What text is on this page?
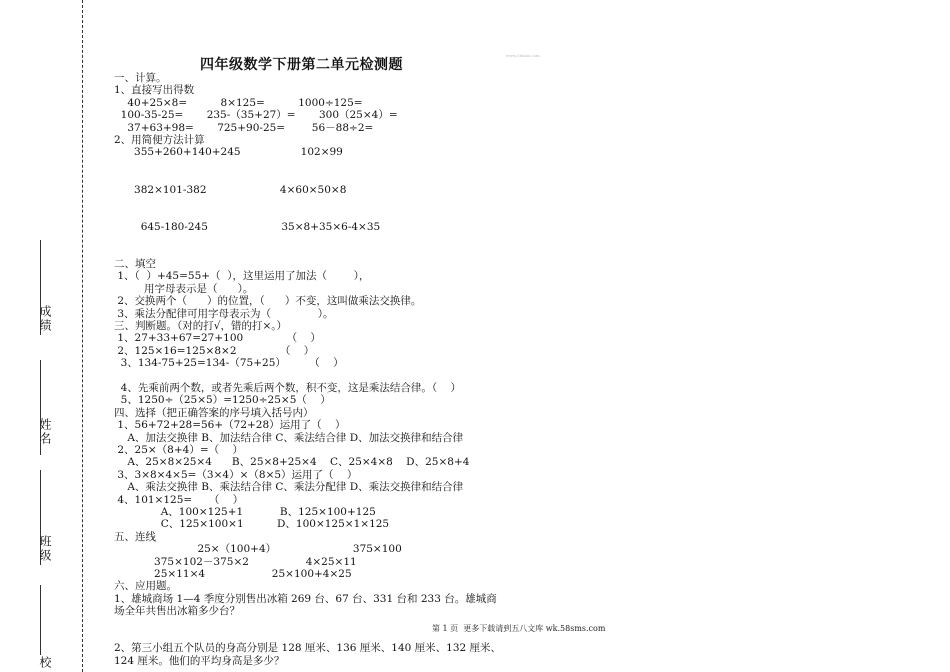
成绩
姓名
班级
校
四年级数学下册第二单元检测题
www.58sms.com
一、计算。
1、直接写出得数
40+25×8=          8×125=          1000÷125=
100-35-25=       235-（35+27）=       300（25×4）=
37+63+98=       725+90-25=        56－88÷2=
2、用简便方法计算
355+260+140+245                  102×99
382×101-382                      4×60×50×8
645-180-245                      35×8+35×6-4×35
二、填空
1、（  ）+45=55+（  ），这里运用了加法（        ），
用字母表示是（      ）。
2、交换两个（      ）的位置，（      ）不变，这叫做乘法交换律。
3、乘法分配律可用字母表示为（              ）。
三、判断题。（对的打√，错的打×。）
1、27+33+67=27+100             （    ）
2、125×16=125×8×2             （    ）
3、134-75+25=134-（75+25）       （    ）
4、先乘前两个数，或者先乘后两个数，积不变，这是乘法结合律。（    ）
5、1250÷（25×5）=1250÷25×5（    ）
四、选择（把正确答案的序号填入括号内）
1、56+72+28=56+（72+28）运用了（    ）
A、加法交换律 B、加法结合律 C、乘法结合律 D、加法交换律和结合律
2、25×（8+4）=（    ）
A、25×8×25×4      B、25×8+25×4    C、25×4×8    D、25×8+4
3、3×8×4×5=（3×4）×（8×5）运用了（    ）
A、乘法交换律 B、乘法结合律 C、乘法分配律 D、乘法交换律和结合律
4、101×125=     （    ）
A、100×125+1           B、125×100+125
C、125×100×1          D、100×125×1×125
五、连线
25×（100+4）                       375×100
375×102－375×2                 4×25×11
25×11×4                    25×100+4×25
六、应用题。
1、雄城商场 1—4 季度分别售出冰箱 269 台、67 台、331 台和 233 台。雄城商
场全年共售出冰箱多少台？
2、第三小组五个队员的身高分别是 128 厘米、136 厘米、140 厘米、132 厘米、
124 厘米。他们的平均身高是多少？
第 1 页  更多下载请到五八文库 wk.58sms.com
